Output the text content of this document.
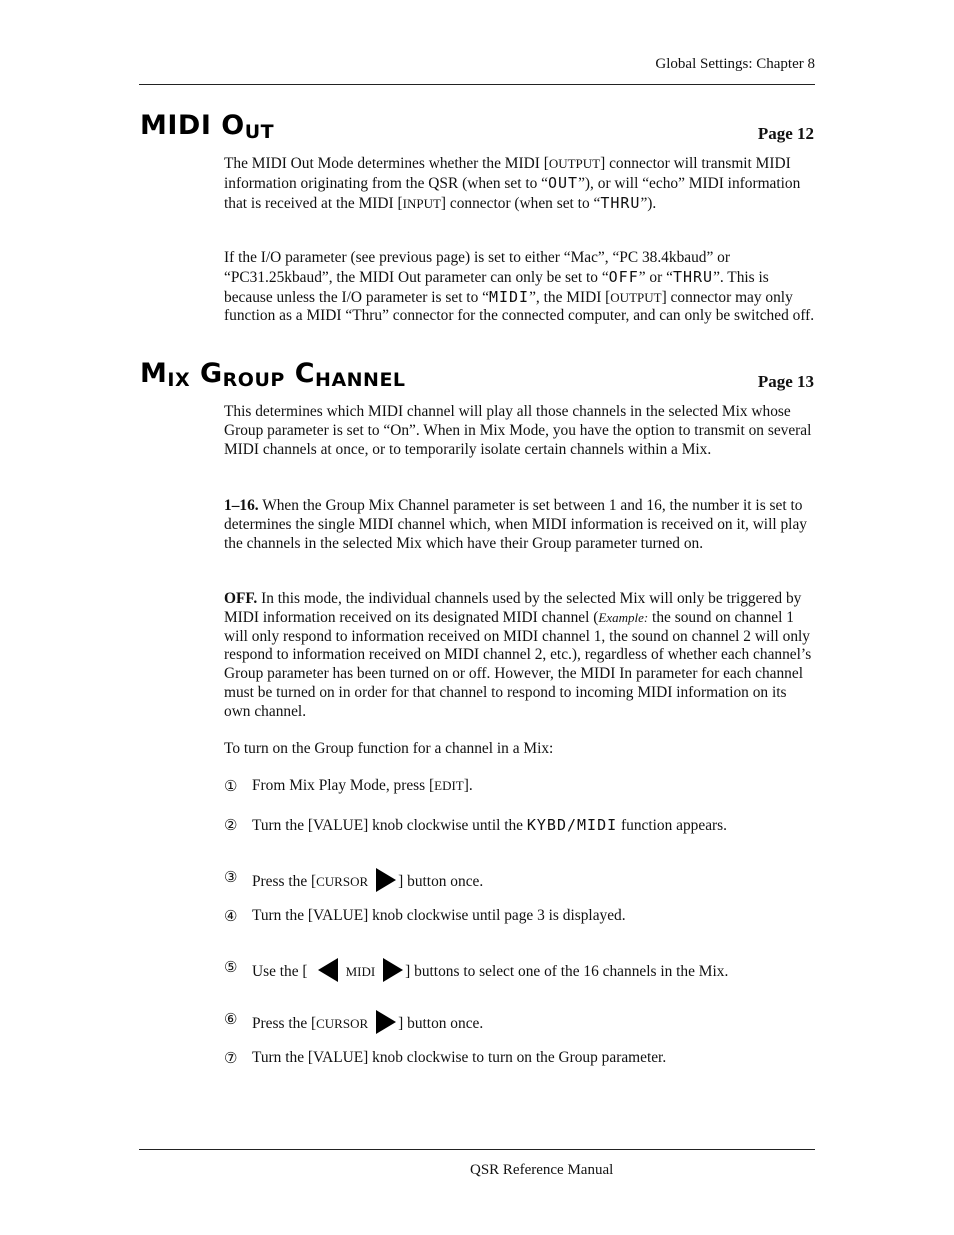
Global Settings: Chapter 8
MIDI OUT	Page 12
The MIDI Out Mode determines whether the MIDI [OUTPUT] connector will transmit MIDI information originating from the QSR (when set to “OUT”), or will “echo” MIDI information that is received at the MIDI [INPUT] connector (when set to “THRU”).
If the I/O parameter (see previous page) is set to either “Mac”, “PC 38.4kbaud” or “PC31.25kbaud”, the MIDI Out parameter can only be set to “OFF” or “THRU”. This is because unless the I/O parameter is set to “MIDI”, the MIDI [OUTPUT] connector may only function as a MIDI “Thru” connector for the connected computer, and can only be switched off.
MIX GROUP CHANNEL	Page 13
This determines which MIDI channel will play all those channels in the selected Mix whose Group parameter is set to “On”. When in Mix Mode, you have the option to transmit on several MIDI channels at once, or to temporarily isolate certain channels within a Mix.
1–16. When the Group Mix Channel parameter is set between 1 and 16, the number it is set to determines the single MIDI channel which, when MIDI information is received on it, will play the channels in the selected Mix which have their Group parameter turned on.
OFF. In this mode, the individual channels used by the selected Mix will only be triggered by MIDI information received on its designated MIDI channel (Example: the sound on channel 1 will only respond to information received on MIDI channel 1, the sound on channel 2 will only respond to information received on MIDI channel 2, etc.), regardless of whether each channel’s Group parameter has been turned on or off. However, the MIDI In parameter for each channel must be turned on in order for that channel to respond to incoming MIDI information on its own channel.
To turn on the Group function for a channel in a Mix:
① From Mix Play Mode, press [EDIT].
② Turn the [VALUE] knob clockwise until the KYBD/MIDI function appears.
③ Press the [CURSOR ] button once.
④ Turn the [VALUE] knob clockwise until page 3 is displayed.
⑤ Use the [	MIDI ] buttons to select one of the 16 channels in the Mix.
⑥ Press the [CURSOR ] button once.
⑦ Turn the [VALUE] knob clockwise to turn on the Group parameter.
QSR Reference Manual
